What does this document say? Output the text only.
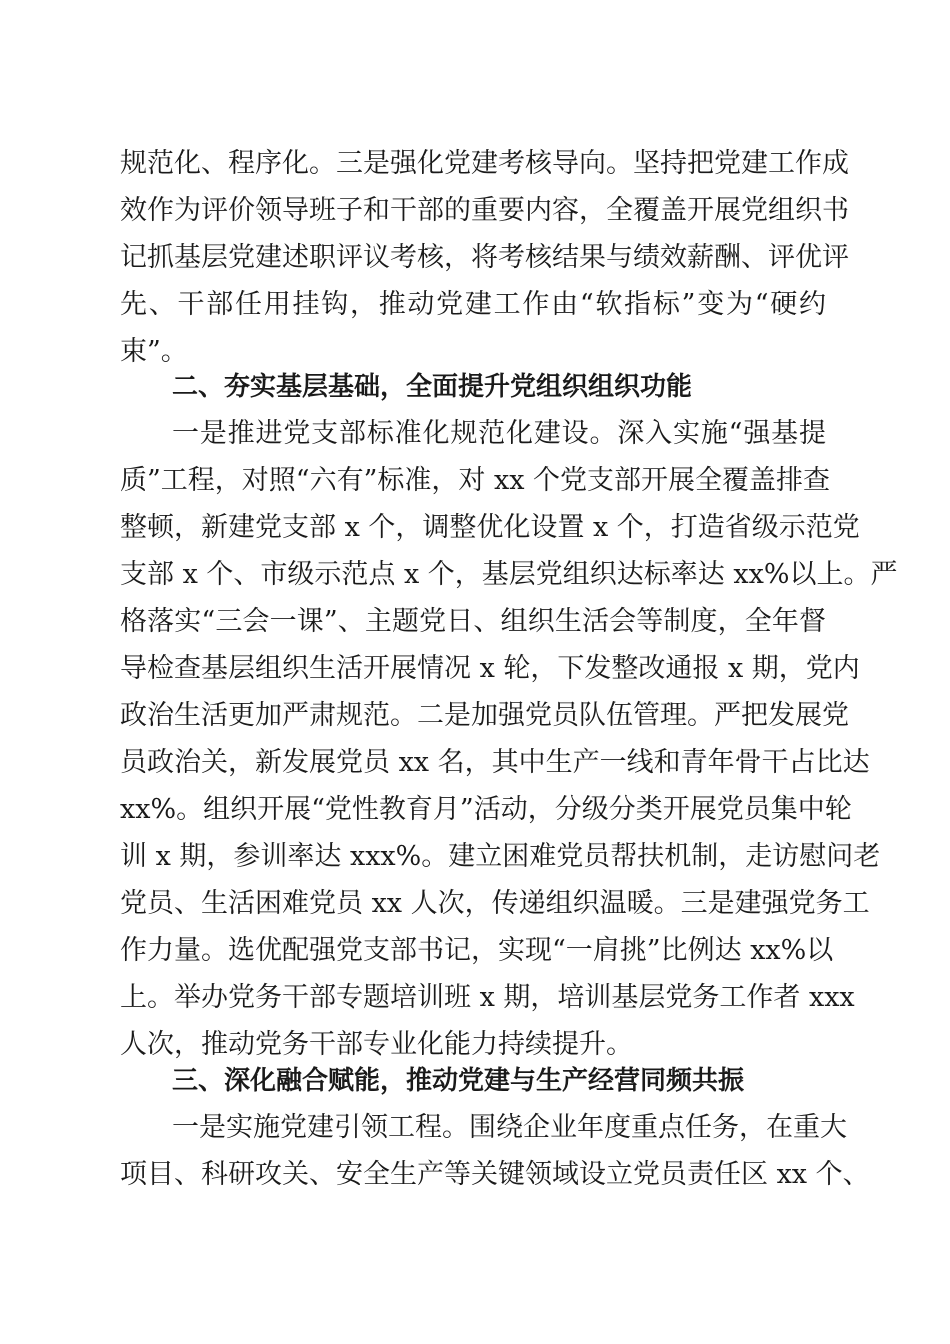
规范化、程序化。三是强化党建考核导向。坚持把党建工作成
效作为评价领导班子和干部的重要内容，全覆盖开展党组织书
记抓基层党建述职评议考核，将考核结果与绩效薪酬、评优评
先、干部任用挂钩，推动党建工作由“软指标”变为“硬约
束”。
二、夯实基层基础，全面提升党组织组织功能
一是推进党支部标准化规范化建设。深入实施“强基提
质”工程，对照“六有”标准，对 xx 个党支部开展全覆盖排查
整顿，新建党支部 x 个，调整优化设置 x 个，打造省级示范党
支部 x 个、市级示范点 x 个，基层党组织达标率达 xx%以上。严
格落实“三会一课”、主题党日、组织生活会等制度，全年督
导检查基层组织生活开展情况 x 轮，下发整改通报 x 期，党内
政治生活更加严肃规范。二是加强党员队伍管理。严把发展党
员政治关，新发展党员 xx 名，其中生产一线和青年骨干占比达
xx%。组织开展“党性教育月”活动，分级分类开展党员集中轮
训 x 期，参训率达 xxx%。建立困难党员帮扶机制，走访慰问老
党员、生活困难党员 xx 人次，传递组织温暖。三是建强党务工
作力量。选优配强党支部书记，实现“一肩挑”比例达 xx%以
上。举办党务干部专题培训班 x 期，培训基层党务工作者 xxx
人次，推动党务干部专业化能力持续提升。
三、深化融合赋能，推动党建与生产经营同频共振
一是实施党建引领工程。围绕企业年度重点任务，在重大
项目、科研攻关、安全生产等关键领域设立党员责任区 xx 个、
